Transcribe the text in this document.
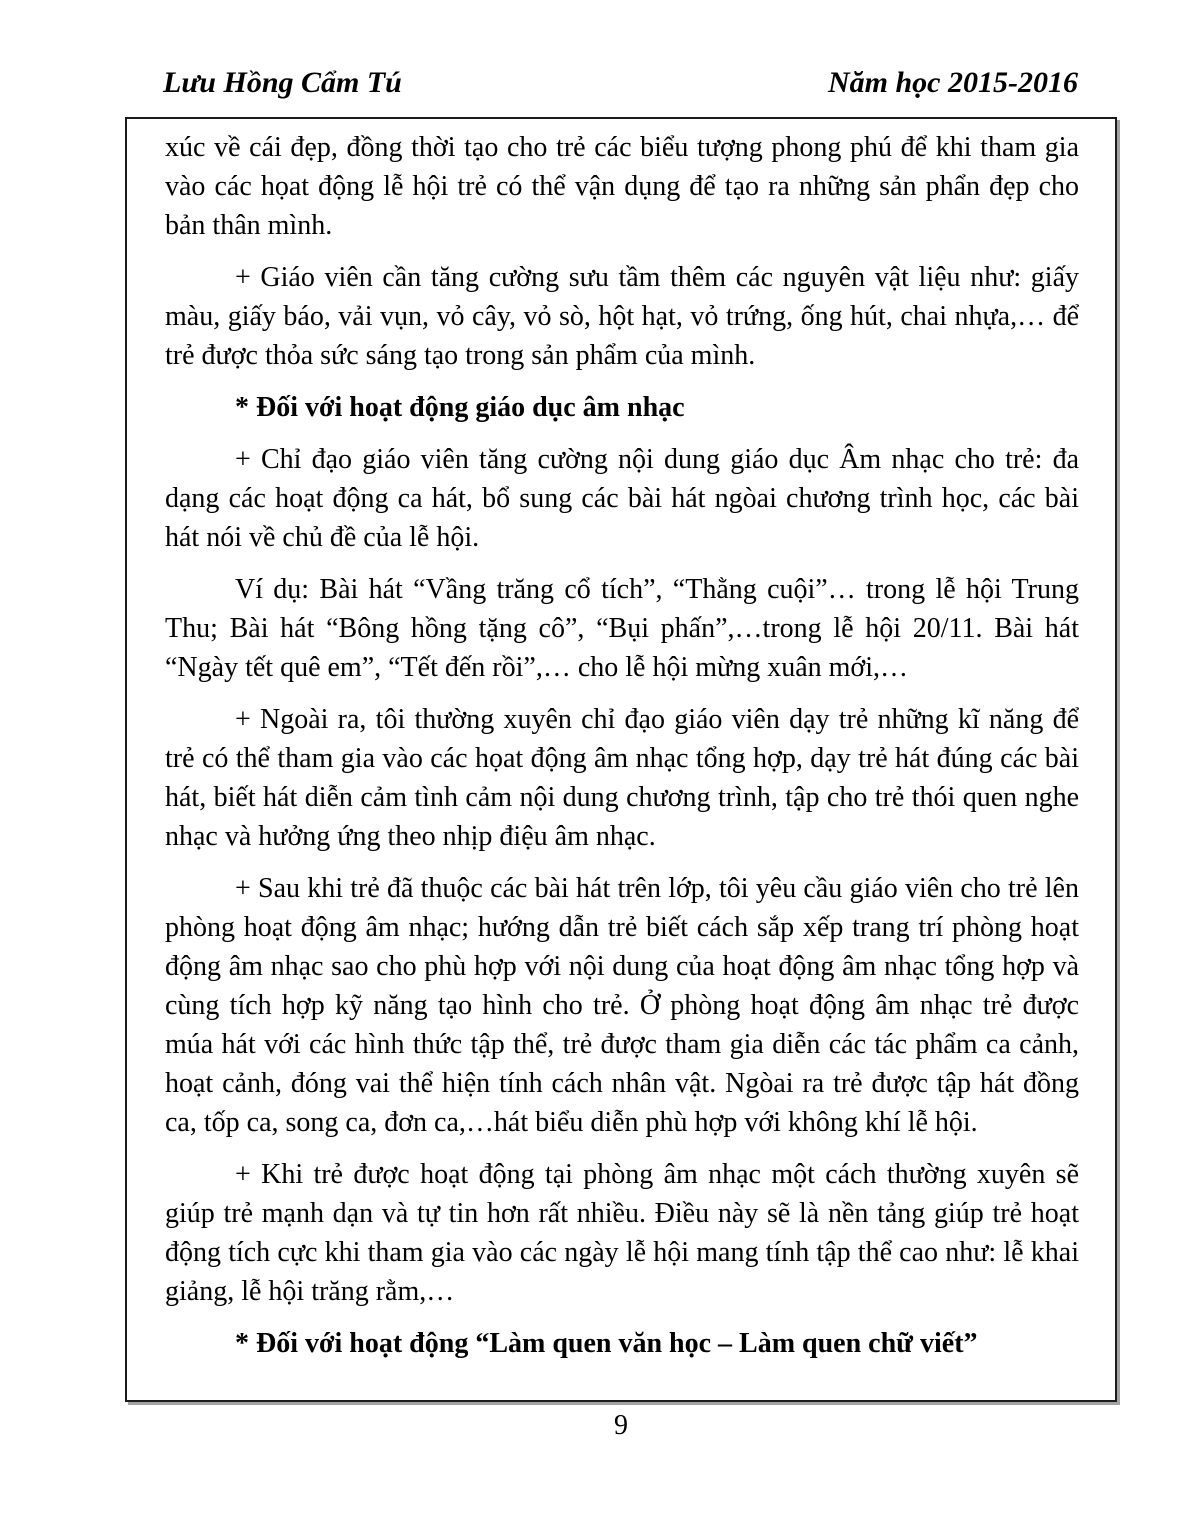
Lưu Hồng Cẩm Tú	Năm học 2015-2016

xúc về cái đẹp, đồng thời tạo cho trẻ các biểu tượng phong phú để khi tham gia vào các họat động lễ hội trẻ có thể vận dụng để tạo ra những sản phẩn đẹp cho bản thân mình.

+ Giáo viên cần tăng cường sưu tầm thêm các nguyên vật liệu như: giấy màu, giấy báo, vải vụn, vỏ cây, vỏ sò, hột hạt, vỏ trứng, ống hút, chai nhựa,… để trẻ được thỏa sức sáng tạo trong sản phẩm của mình.

* Đối với hoạt động giáo dục âm nhạc

+ Chỉ đạo giáo viên tăng cường nội dung giáo dục Âm nhạc cho trẻ: đa dạng các hoạt động ca hát, bổ sung các bài hát ngòai chương trình học, các bài hát nói về chủ đề của lễ hội.

Ví dụ: Bài hát “Vầng trăng cổ tích”, “Thằng cuội”… trong lễ hội Trung Thu; Bài hát “Bông hồng tặng cô”, “Bụi phấn”,…trong lễ hội 20/11. Bài hát “Ngày tết quê em”, “Tết đến rồi”,… cho lễ hội mừng xuân mới,…

+ Ngoài ra, tôi thường xuyên chỉ đạo giáo viên dạy trẻ những kĩ năng để trẻ có thể tham gia vào các họat động âm nhạc tổng hợp, dạy trẻ hát đúng các bài hát, biết hát diễn cảm tình cảm nội dung chương trình, tập cho trẻ thói quen nghe nhạc và hưởng ứng theo nhịp điệu âm nhạc.

+ Sau khi trẻ đã thuộc các bài hát trên lớp, tôi yêu cầu giáo viên cho trẻ lên phòng hoạt động âm nhạc; hướng dẫn trẻ biết cách sắp xếp trang trí phòng hoạt động âm nhạc sao cho phù hợp với nội dung của hoạt động âm nhạc tổng hợp và cùng tích hợp kỹ năng tạo hình cho trẻ. Ở phòng hoạt động âm nhạc trẻ được múa hát với các hình thức tập thể, trẻ được tham gia diễn các tác phẩm ca cảnh, hoạt cảnh, đóng vai thể hiện tính cách nhân vật. Ngòai ra trẻ được tập hát đồng ca, tốp ca, song ca, đơn ca,…hát biểu diễn phù hợp với không khí lễ hội.

+ Khi trẻ được hoạt động tại phòng âm nhạc một cách thường xuyên sẽ giúp trẻ mạnh dạn và tự tin hơn rất nhiều. Điều này sẽ là nền tảng giúp trẻ hoạt động tích cực khi tham gia vào các ngày lễ hội mang tính tập thể cao như: lễ khai giảng, lễ hội trăng rằm,…

* Đối với hoạt động “Làm quen văn học – Làm quen chữ viết”

9
